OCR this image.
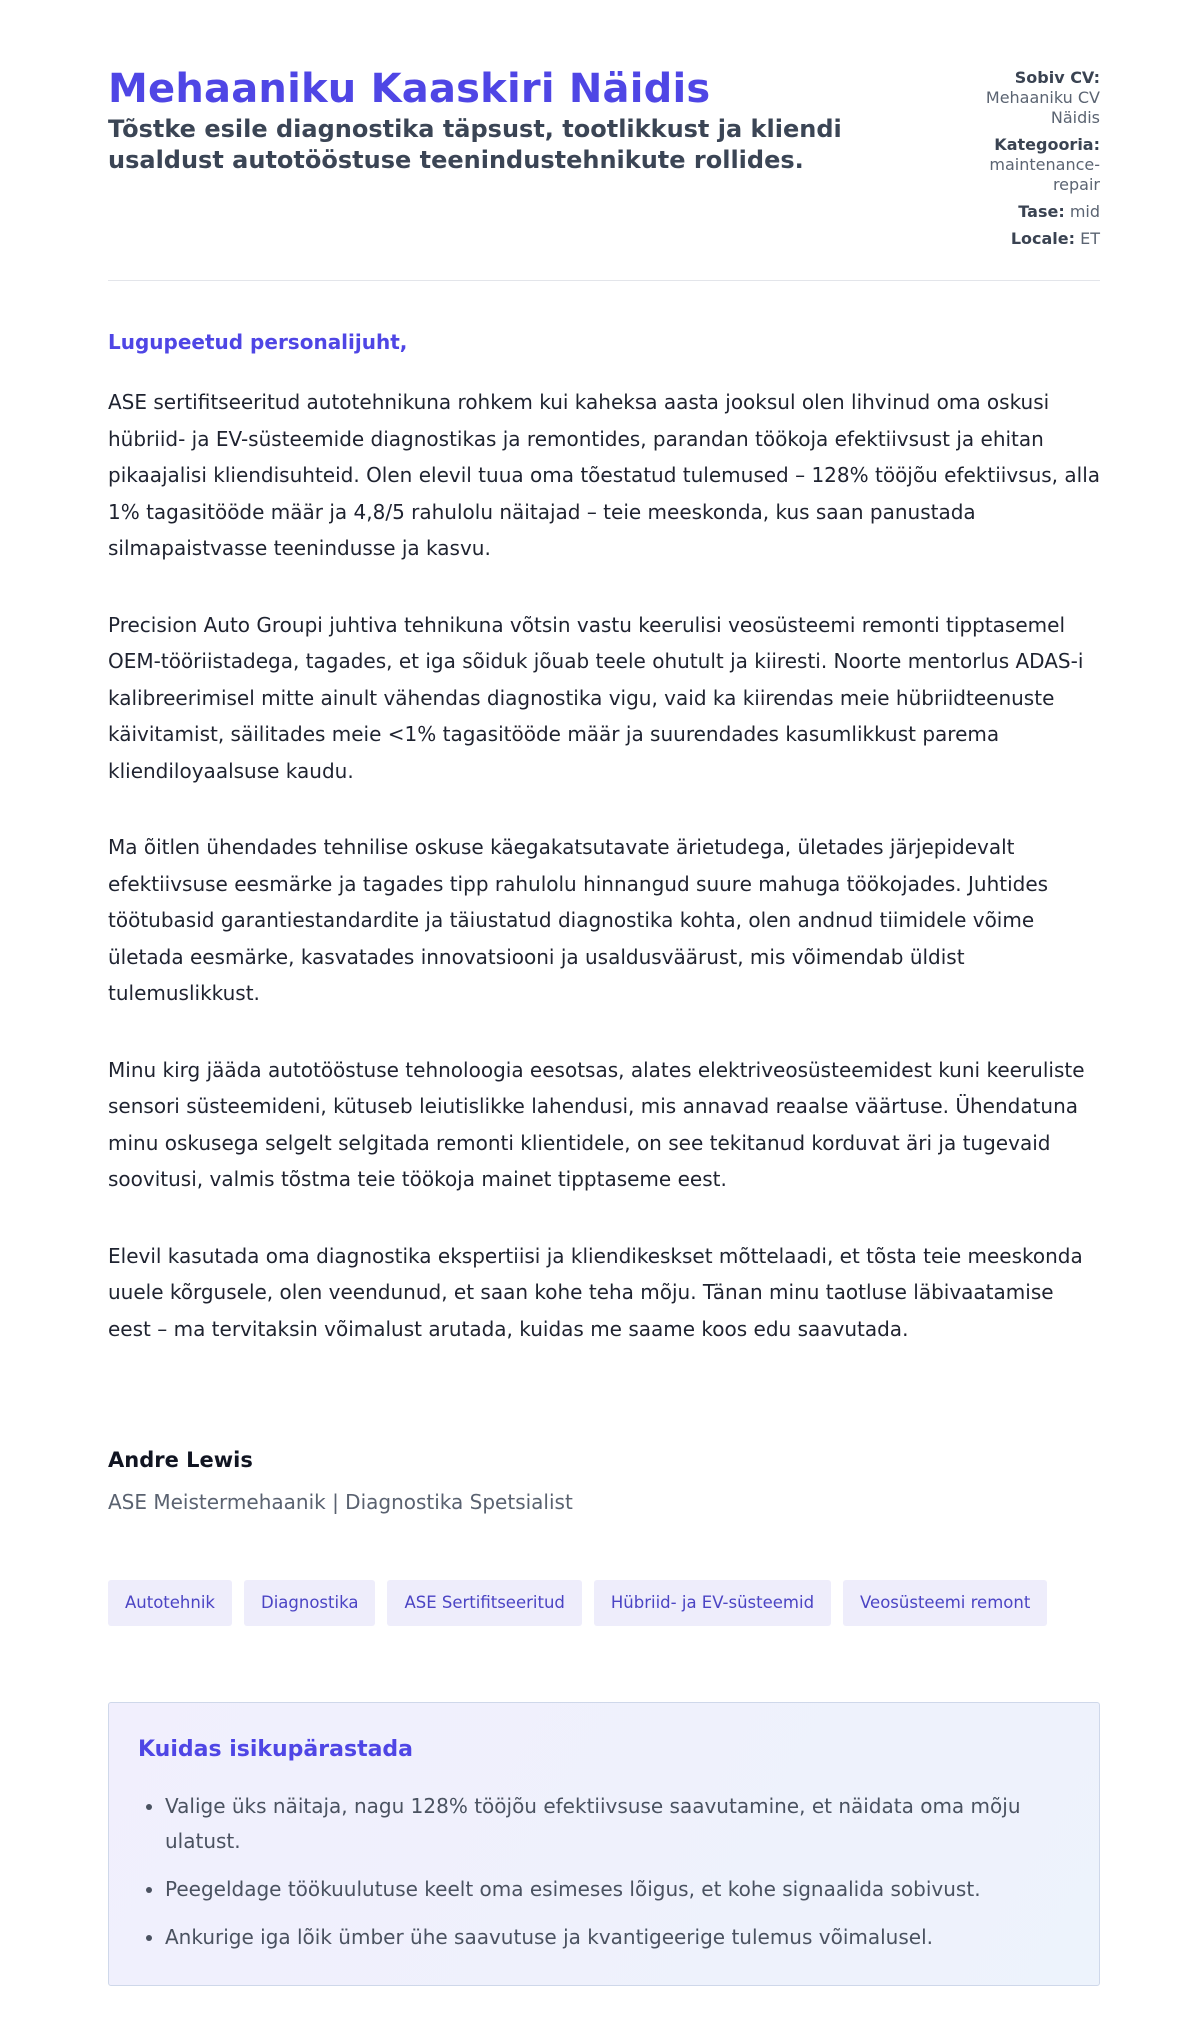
Mehaaniku Kaaskiri Näidis

Tõstke esile diagnostika täpsust, tootlikkust ja kliendi usaldust autotööstuse teenindustehnikute rollides.

Sobiv CV:
Mehaaniku CV Näidis
Kategooria:
maintenance-repair
Tase: mid
Locale: ET
Lugupeetud personalijuht,

ASE sertifitseeritud autotehnikuna rohkem kui kaheksa aasta jooksul olen lihvinud oma oskusi hübriid- ja EV-süsteemide diagnostikas ja remontides, parandan töökoja efektiivsust ja ehitan pikaajalisi kliendisuhteid. Olen elevil tuua oma tõestatud tulemused – 128% tööjõu efektiivsus, alla 1% tagasitööde määr ja 4,8/5 rahulolu näitajad – teie meeskonda, kus saan panustada silmapaistvasse teenindusse ja kasvu.

Precision Auto Groupi juhtiva tehnikuna võtsin vastu keerulisi veosüsteemi remonti tipptasemel OEM-tööriistadega, tagades, et iga sõiduk jõuab teele ohutult ja kiiresti. Noorte mentorlus ADAS-i kalibreerimisel mitte ainult vähendas diagnostika vigu, vaid ka kiirendas meie hübriidteenuste käivitamist, säilitades meie <1% tagasitööde määr ja suurendades kasumlikkust parema kliendiloyaalsuse kaudu.

Ma õitlen ühendades tehnilise oskuse käegakatsutavate ärietudega, ületades järjepidevalt efektiivsuse eesmärke ja tagades tipp rahulolu hinnangud suure mahuga töökojades. Juhtides töötubasid garantiestandardite ja täiustatud diagnostika kohta, olen andnud tiimidele võime ületada eesmärke, kasvatades innovatsiooni ja usaldusväärust, mis võimendab üldist tulemuslikkust.

Minu kirg jääda autotööstuse tehnoloogia eesotsas, alates elektriveosüsteemidest kuni keeruliste sensori süsteemideni, kütuseb leiutislikke lahendusi, mis annavad reaalse väärtuse. Ühendatuna minu oskusega selgelt selgitada remonti klientidele, on see tekitanud korduvat äri ja tugevaid soovitusi, valmis tõstma teie töökoja mainet tipptaseme eest.

Elevil kasutada oma diagnostika ekspertiisi ja kliendikeskset mõttelaadi, et tõsta teie meeskonda uuele kõrgusele, olen veendunud, et saan kohe teha mõju. Tänan minu taotluse läbivaatamise eest – ma tervitaksin võimalust arutada, kuidas me saame koos edu saavutada.

Andre Lewis
ASE Meistermehaanik | Diagnostika Spetsialist
Autotehnik	Diagnostika	ASE Sertifitseeritud	Hübriid- ja EV-süsteemid	Veosüsteemi remont
Kuidas isikupärastada
• Valige üks näitaja, nagu 128% tööjõu efektiivsuse saavutamine, et näidata oma mõju ulatust.
• Peegeldage töökuulutuse keelt oma esimeses lõigus, et kohe signaalida sobivust.
• Ankurige iga lõik ümber ühe saavutuse ja kvantigeerige tulemus võimalusel.
